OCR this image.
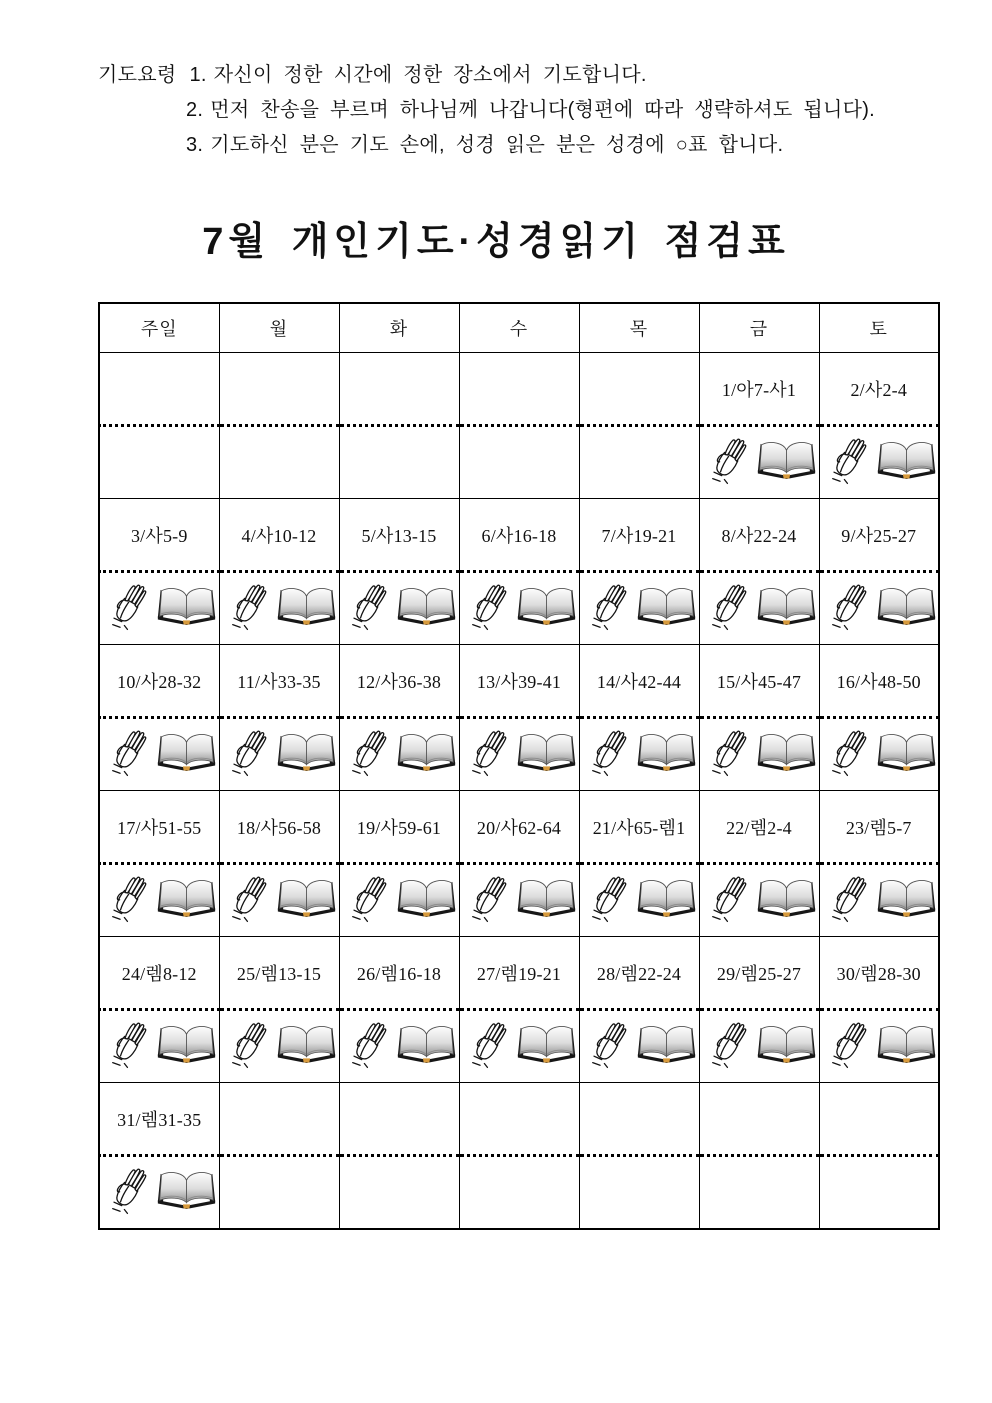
기도요령 1. 자신이 정한 시간에 정한 장소에서 기도합니다.
2. 먼저 찬송을 부르며 하나님께 나갑니다(형편에 따라 생략하셔도 됩니다).
3. 기도하신 분은 기도 손에, 성경 읽은 분은 성경에 ○표 합니다.
7월 개인기도·성경읽기 점검표
주일	월	화	수	목	금	토
					1/아7-사1	2/사2-4

3/사5-9	4/사10-12	5/사13-15	6/사16-18	7/사19-21	8/사22-24	9/사25-27

10/사28-32	11/사33-35	12/사36-38	13/사39-41	14/사42-44	15/사45-47	16/사48-50

17/사51-55	18/사56-58	19/사59-61	20/사62-64	21/사65-렘1	22/렘2-4	23/렘5-7

24/렘8-12	25/렘13-15	26/렘16-18	27/렘19-21	28/렘22-24	29/렘25-27	30/렘28-30

31/렘31-35						
